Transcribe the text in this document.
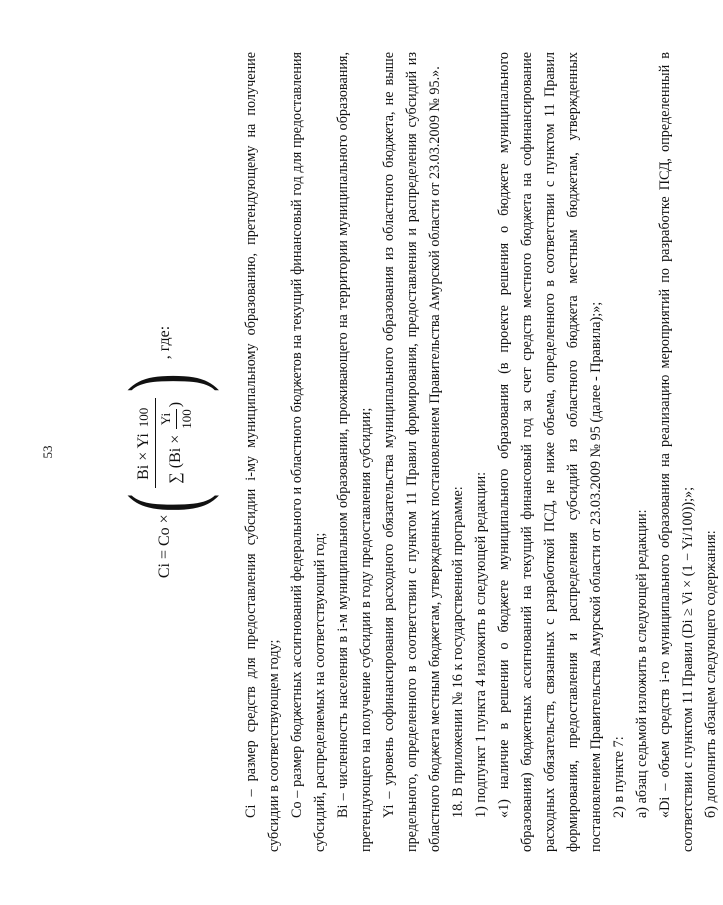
53
Ci = Co ×
(
Bi × Yi
100
∑ (Bi ×
Yi 100
)
)
, где:	Ci – размер средств для предоставления субсидии i-му муниципальному образованию, претендующему на получение субсидии в соответствующем году; Co – размер бюджетных ассигнований федерального и областного бюджетов на текущий финансовый год для предоставления субсидий, распределяемых на соответствующий год; Bi – численность населения в i-м муниципальном образовании, проживающего на территории муниципального образования, претендующего на получение субсидии в году предоставления субсидии; Yi – уровень софинансирования расходного обязательства муниципального образования из областного бюджета, не выше предельного, определенного в соответствии с пунктом 11 Правил формирования, предоставления и распределения субсидий из областного бюджета местным бюджетам, утвержденных постановлением Правительства Амурской области от 23.03.2009 № 95.». 18. В приложении № 16 к государственной программе: 1) подпункт 1 пункта 4 изложить в следующей редакции: «1) наличие в решении о бюджете муниципального образования (в проекте решения о бюджете муниципального образования) бюджетных ассигнований на текущий финансовый год за счет средств местного бюджета на софинансирование расходных обязательств, связанных с разработкой ПСД, не ниже объема, определенного в соответствии с пунктом 11 Правил формирования, предоставления и распределения субсидий из областного бюджета местным бюджетам, утвержденных постановлением Правительства Амурской области от 23.03.2009 № 95 (далее - Правила);»; 2) в пункте 7: а) абзац седьмой изложить в следующей редакции: «Di – объем средств i-го муниципального образования на реализацию мероприятий по разработке ПСД, определенный в соответствии с пунктом 11 Правил (Di ≥ Vi × (1 − Yi/100));»; б) дополнить абзацем следующего содержания:
